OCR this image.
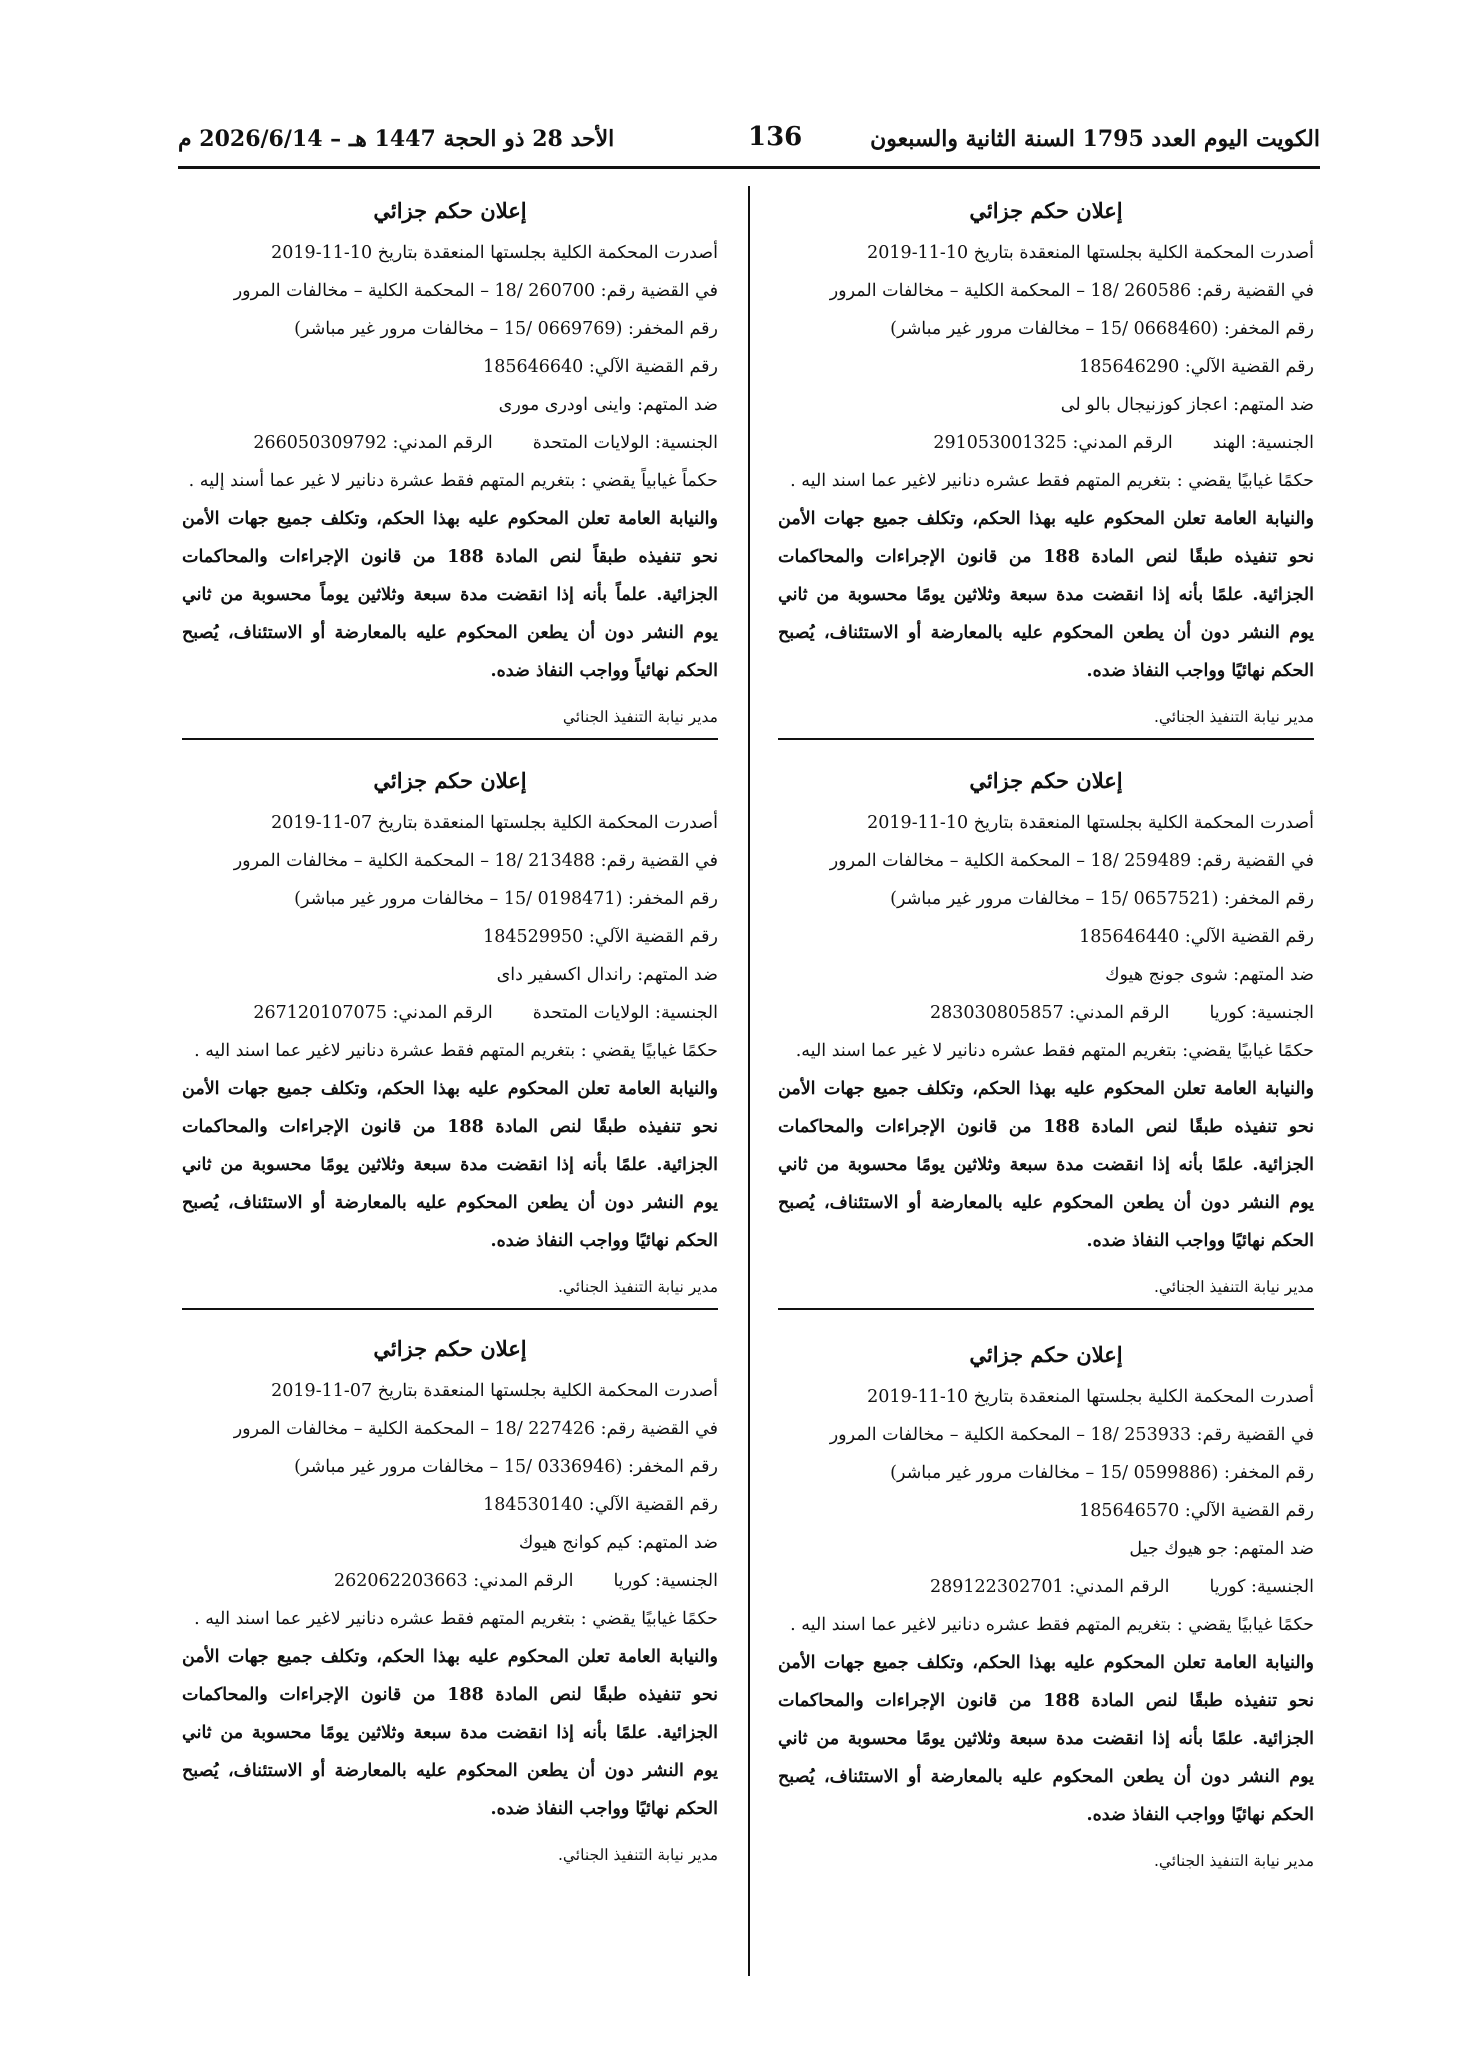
الكويت اليوم العدد 1795 السنة الثانية والسبعون
136
الأحد 28 ذو الحجة 1447 هـ – 2026/6/14 م
إعلان حكم جزائي
أصدرت المحكمة الكلية بجلستها المنعقدة بتاريخ 10-11-2019
في القضية رقم: 260586 /18 – المحكمة الكلية – مخالفات المرور
رقم المخفر: (0668460 /15 – مخالفات مرور غير مباشر)
رقم القضية الآلي: 185646290
ضد المتهم: اعجاز كوزنيجال بالو لى
الجنسية: الهندالرقم المدني: 291053001325
حكمًا غيابيًا يقضي : بتغريم المتهم فقط عشره دنانير لاغير عما اسند اليه .
والنيابة العامة تعلن المحكوم عليه بهذا الحكم، وتكلف جميع جهات الأمن نحو تنفيذه طبقًا لنص المادة 188 من قانون الإجراءات والمحاكمات الجزائية. علمًا بأنه إذا انقضت مدة سبعة وثلاثين يومًا محسوبة من ثاني يوم النشر دون أن يطعن المحكوم عليه بالمعارضة أو الاستئناف، يُصبح الحكم نهائيًا وواجب النفاذ ضده.
مدير نيابة التنفيذ الجنائي.
إعلان حكم جزائي
أصدرت المحكمة الكلية بجلستها المنعقدة بتاريخ 10-11-2019
في القضية رقم: 260700 /18 – المحكمة الكلية – مخالفات المرور
رقم المخفر: (0669769 /15 – مخالفات مرور غير مباشر)
رقم القضية الآلي: 185646640
ضد المتهم: واينى اودرى مورى
الجنسية: الولايات المتحدةالرقم المدني: 266050309792
حكماً غيابياً يقضي : بتغريم المتهم فقط عشرة دنانير لا غير عما أسند إليه .
والنيابة العامة تعلن المحكوم عليه بهذا الحكم، وتكلف جميع جهات الأمن نحو تنفيذه طبقاً لنص المادة 188 من قانون الإجراءات والمحاكمات الجزائية. علماً بأنه إذا انقضت مدة سبعة وثلاثين يوماً محسوبة من ثاني يوم النشر دون أن يطعن المحكوم عليه بالمعارضة أو الاستئناف، يُصبح الحكم نهائياً وواجب النفاذ ضده.
مدير نيابة التنفيذ الجنائي
إعلان حكم جزائي
أصدرت المحكمة الكلية بجلستها المنعقدة بتاريخ 10-11-2019
في القضية رقم: 259489 /18 – المحكمة الكلية – مخالفات المرور
رقم المخفر: (0657521 /15 – مخالفات مرور غير مباشر)
رقم القضية الآلي: 185646440
ضد المتهم: شوى جونج هيوك
الجنسية: كورياالرقم المدني: 283030805857
حكمًا غيابيًا يقضي: بتغريم المتهم فقط عشره دنانير لا غير عما اسند اليه.
والنيابة العامة تعلن المحكوم عليه بهذا الحكم، وتكلف جميع جهات الأمن نحو تنفيذه طبقًا لنص المادة 188 من قانون الإجراءات والمحاكمات الجزائية. علمًا بأنه إذا انقضت مدة سبعة وثلاثين يومًا محسوبة من ثاني يوم النشر دون أن يطعن المحكوم عليه بالمعارضة أو الاستئناف، يُصبح الحكم نهائيًا وواجب النفاذ ضده.
مدير نيابة التنفيذ الجنائي.
إعلان حكم جزائي
أصدرت المحكمة الكلية بجلستها المنعقدة بتاريخ 07-11-2019
في القضية رقم: 213488 /18 – المحكمة الكلية – مخالفات المرور
رقم المخفر: (0198471 /15 – مخالفات مرور غير مباشر)
رقم القضية الآلي: 184529950
ضد المتهم: راندال اكسفير داى
الجنسية: الولايات المتحدةالرقم المدني: 267120107075
حكمًا غيابيًا يقضي : بتغريم المتهم فقط عشرة دنانير لاغير عما اسند اليه .
والنيابة العامة تعلن المحكوم عليه بهذا الحكم، وتكلف جميع جهات الأمن نحو تنفيذه طبقًا لنص المادة 188 من قانون الإجراءات والمحاكمات الجزائية. علمًا بأنه إذا انقضت مدة سبعة وثلاثين يومًا محسوبة من ثاني يوم النشر دون أن يطعن المحكوم عليه بالمعارضة أو الاستئناف، يُصبح الحكم نهائيًا وواجب النفاذ ضده.
مدير نيابة التنفيذ الجنائي.
إعلان حكم جزائي
أصدرت المحكمة الكلية بجلستها المنعقدة بتاريخ 10-11-2019
في القضية رقم: 253933 /18 – المحكمة الكلية – مخالفات المرور
رقم المخفر: (0599886 /15 – مخالفات مرور غير مباشر)
رقم القضية الآلي: 185646570
ضد المتهم: جو هيوك جيل
الجنسية: كورياالرقم المدني: 289122302701
حكمًا غيابيًا يقضي : بتغريم المتهم فقط عشره دنانير لاغير عما اسند اليه .
والنيابة العامة تعلن المحكوم عليه بهذا الحكم، وتكلف جميع جهات الأمن نحو تنفيذه طبقًا لنص المادة 188 من قانون الإجراءات والمحاكمات الجزائية. علمًا بأنه إذا انقضت مدة سبعة وثلاثين يومًا محسوبة من ثاني يوم النشر دون أن يطعن المحكوم عليه بالمعارضة أو الاستئناف، يُصبح الحكم نهائيًا وواجب النفاذ ضده.
مدير نيابة التنفيذ الجنائي.
إعلان حكم جزائي
أصدرت المحكمة الكلية بجلستها المنعقدة بتاريخ 07-11-2019
في القضية رقم: 227426 /18 – المحكمة الكلية – مخالفات المرور
رقم المخفر: (0336946 /15 – مخالفات مرور غير مباشر)
رقم القضية الآلي: 184530140
ضد المتهم: كيم كوانج هيوك
الجنسية: كورياالرقم المدني: 262062203663
حكمًا غيابيًا يقضي : بتغريم المتهم فقط عشره دنانير لاغير عما اسند اليه .
والنيابة العامة تعلن المحكوم عليه بهذا الحكم، وتكلف جميع جهات الأمن نحو تنفيذه طبقًا لنص المادة 188 من قانون الإجراءات والمحاكمات الجزائية. علمًا بأنه إذا انقضت مدة سبعة وثلاثين يومًا محسوبة من ثاني يوم النشر دون أن يطعن المحكوم عليه بالمعارضة أو الاستئناف، يُصبح الحكم نهائيًا وواجب النفاذ ضده.
مدير نيابة التنفيذ الجنائي.
